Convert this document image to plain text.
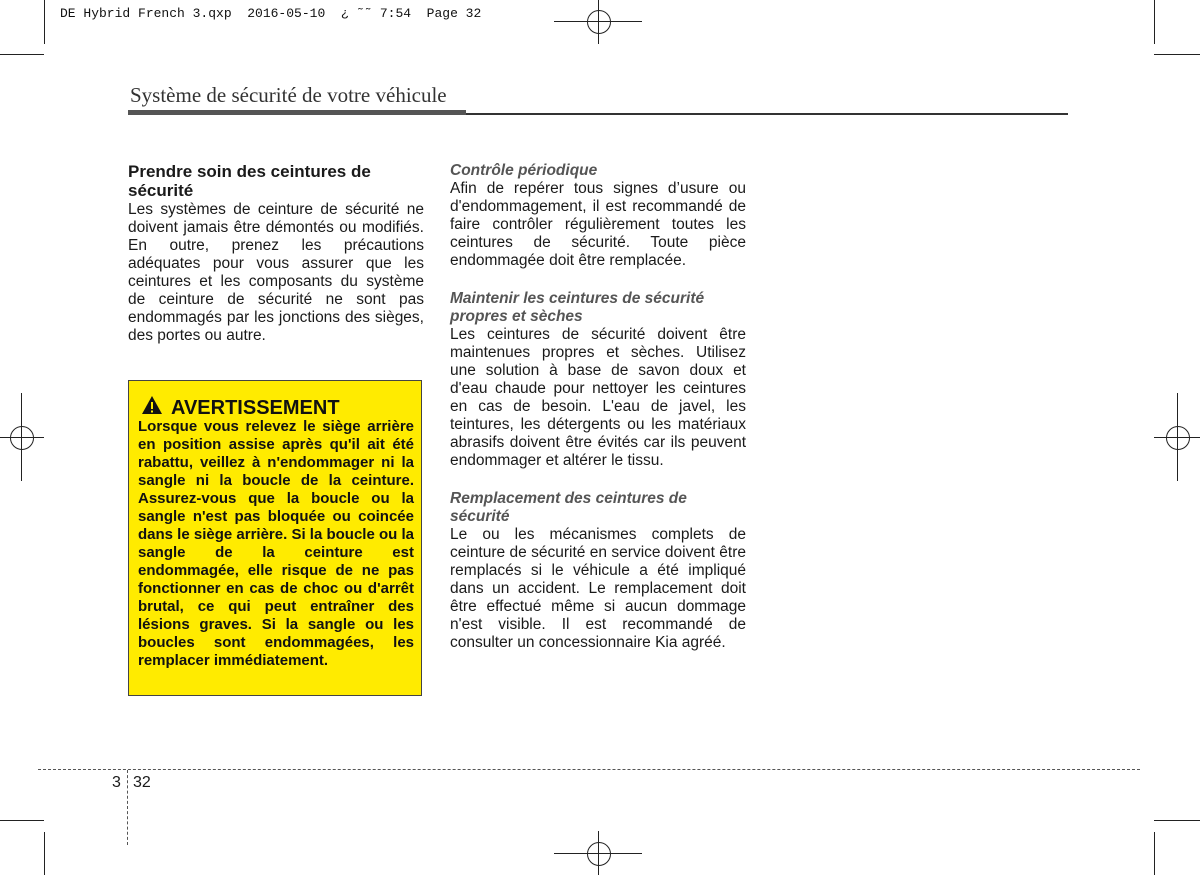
DE Hybrid French 3.qxp  2016-05-10  ¿ ˜˜ 7:54  Page 32
Système de sécurité de votre véhicule

Prendre soin des ceintures de sécurité

Les systèmes de ceinture de sécurité ne doivent jamais être démontés ou modifiés. En outre, prenez les précautions adéquates pour vous assurer que les ceintures et les composants du système de ceinture de sécurité ne sont pas endommagés par les jonctions des sièges, des portes ou autre.

AVERTISSEMENT
Lorsque vous relevez le siège arrière en position assise après qu'il ait été rabattu, veillez à n'endommager ni la sangle ni la boucle de la ceinture. Assurez-vous que la boucle ou la sangle n'est pas bloquée ou coincée dans le siège arrière. Si la boucle ou la sangle de la ceinture est endommagée, elle risque de ne pas fonctionner en cas de choc ou d'arrêt brutal, ce qui peut entraîner des lésions graves. Si la sangle ou les boucles sont endommagées, les remplacer immédiatement.

Contrôle périodique

Afin de repérer tous signes d’usure ou d'endommagement, il est recommandé de faire contrôler régulièrement toutes les ceintures de sécurité. Toute pièce endommagée doit être remplacée.

Maintenir les ceintures de sécurité propres et sèches

Les ceintures de sécurité doivent être maintenues propres et sèches. Utilisez une solution à base de savon doux et d'eau chaude pour nettoyer les ceintures en cas de besoin. L'eau de javel, les teintures, les détergents ou les matériaux abrasifs doivent être évités car ils peuvent endommager et altérer le tissu.

Remplacement des ceintures de sécurité

Le ou les mécanismes complets de ceinture de sécurité en service doivent être remplacés si le véhicule a été impliqué dans un accident. Le remplacement doit être effectué même si aucun dommage n'est visible. Il est recommandé de consulter un concessionnaire Kia agréé.

3 32
